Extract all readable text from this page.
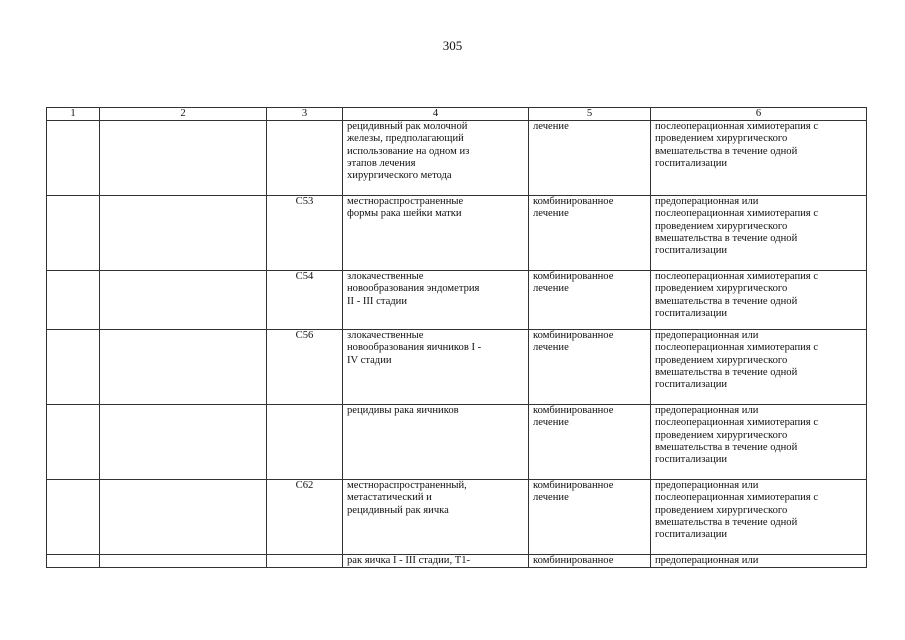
305
1	2	3	4	5	6

			рецидивный рак молочной
железы, предполагающий
использование на одном из
этапов лечения
хирургического метода	лечение	послеоперационная химиотерапия с
проведением хирургического
вмешательства в течение одной
госпитализации

		C53	местнораспространенные
формы рака шейки матки	комбинированное
лечение	предоперационная или
послеоперационная химиотерапия с
проведением хирургического
вмешательства в течение одной
госпитализации

		C54	злокачественные
новообразования эндометрия
II - III стадии	комбинированное
лечение	послеоперационная химиотерапия с
проведением хирургического
вмешательства в течение одной
госпитализации

		C56	злокачественные
новообразования яичников I -
IV стадии	комбинированное
лечение	предоперационная или
послеоперационная химиотерапия с
проведением хирургического
вмешательства в течение одной
госпитализации

			рецидивы рака яичников	комбинированное
лечение	предоперационная или
послеоперационная химиотерапия с
проведением хирургического
вмешательства в течение одной
госпитализации

		C62	местнораспространенный,
метастатический и
рецидивный рак яичка	комбинированное
лечение	предоперационная или
послеоперационная химиотерапия с
проведением хирургического
вмешательства в течение одной
госпитализации

			рак яичка I - III стадии, T1-	комбинированное	предоперационная или
